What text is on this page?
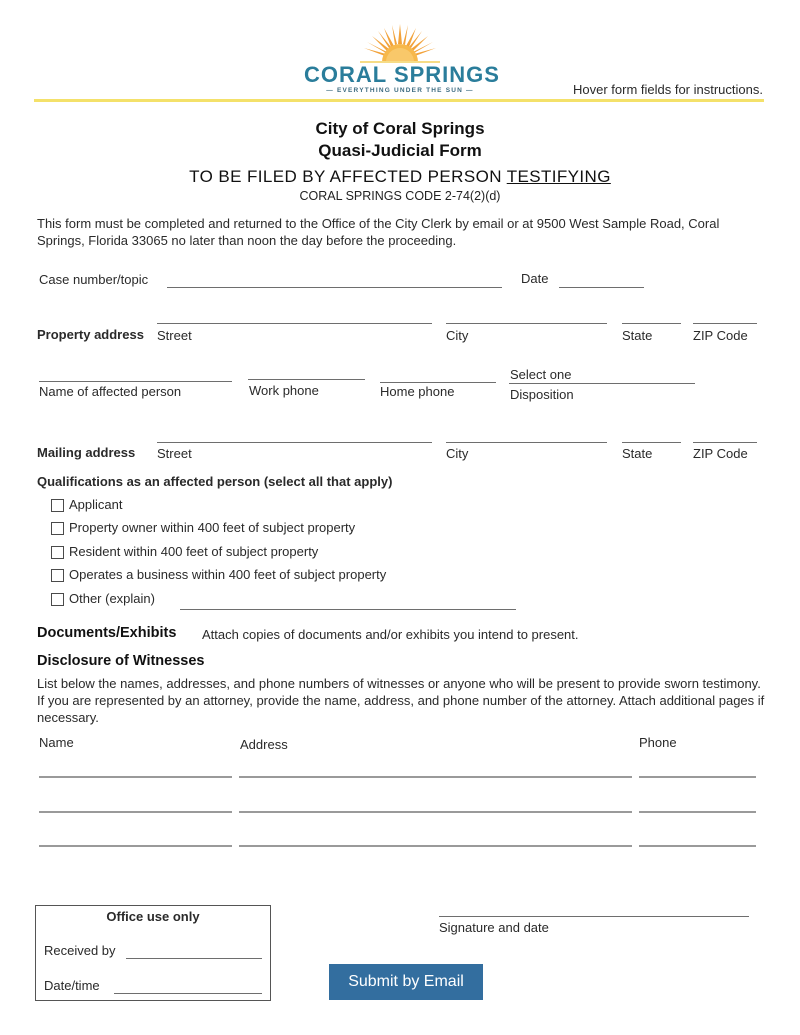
CORAL SPRINGS
— EVERYTHING UNDER THE SUN —	Hover form fields for instructions.
City of Coral Springs
Quasi-Judicial Form
TO BE FILED BY AFFECTED PERSON TESTIFYING
CORAL SPRINGS CODE 2-74(2)(d)
This form must be completed and returned to the Office of the City Clerk by email or at 9500 West Sample Road, Coral Springs, Florida 33065 no later than noon the day before the proceeding.
Case number/topic	Date
Property address Street	City	State	ZIP Code
Select one
Name of affected person	Work phone	Home phone	Disposition
Mailing address Street	City	State	ZIP Code
Qualifications as an affected person (select all that apply)
Applicant
Property owner within 400 feet of subject property
Resident within 400 feet of subject property
Operates a business within 400 feet of subject property
Other (explain)
Documents/Exhibits Attach copies of documents and/or exhibits you intend to present.
Disclosure of Witnesses
List below the names, addresses, and phone numbers of witnesses or anyone who will be present to provide sworn testimony. If you are represented by an attorney, provide the name, address, and phone number of the attorney. Attach additional pages if necessary.
Name	Address	Phone
Office use only
Received by
Date/time
Signature and date
Submit by Email
